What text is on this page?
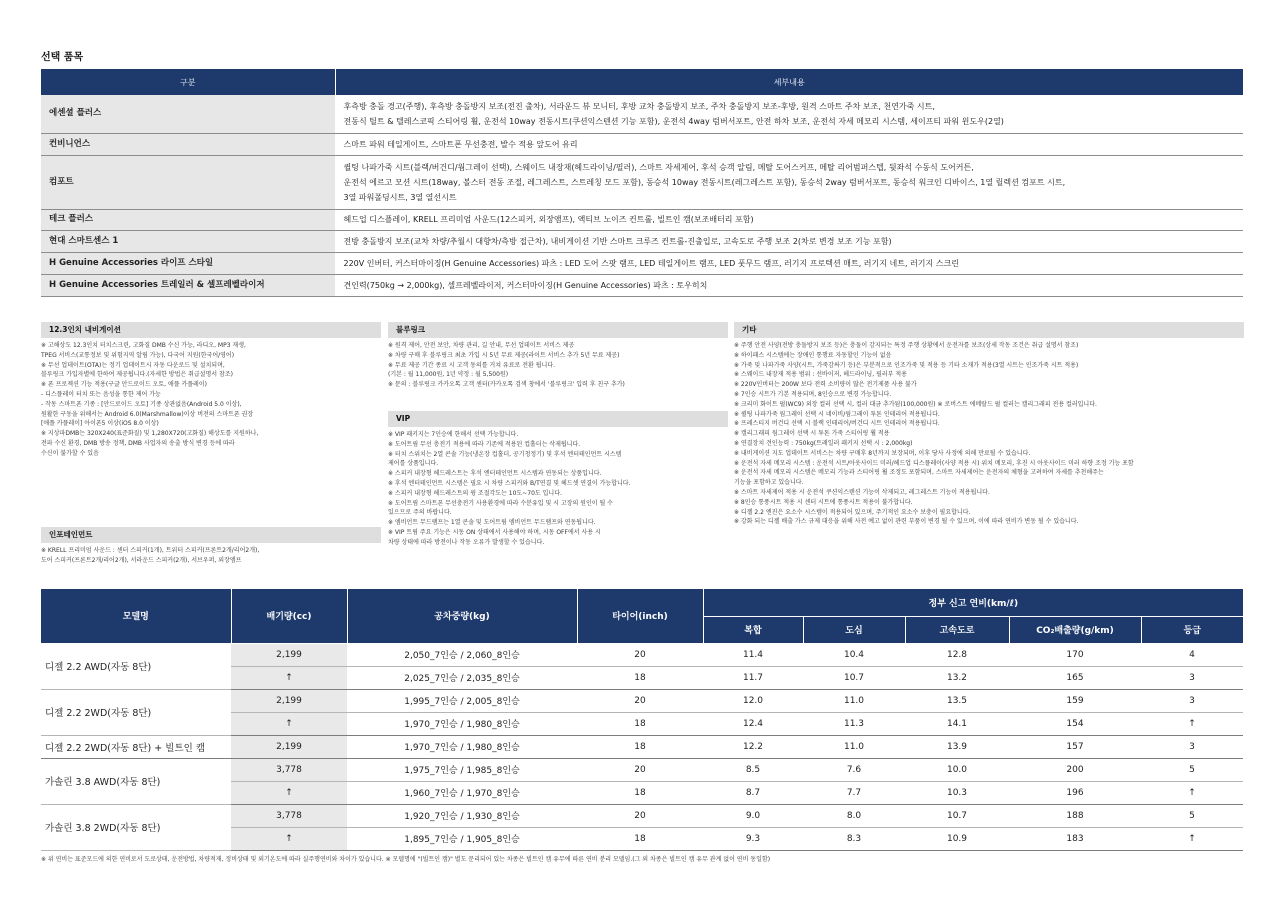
선택 품목
구분	세부내용
에센셜 플러스	후측방 충돌 경고(주행), 후측방 충돌방지 보조(전진 출차), 서라운드 뷰 모니터, 후방 교차 충돌방지 보조, 주차 충돌방지 보조-후방, 원격 스마트 주차 보조, 천연가죽 시트,
전동식 틸트 & 텔레스코픽 스티어링 휠, 운전석 10way 전동시트(쿠션익스텐션 기능 포함), 운전석 4way 럼버서포트, 안전 하차 보조, 운전석 자세 메모리 시스템, 세이프티 파워 윈도우(2열)
컨비니언스	스마트 파워 테일게이트, 스마트폰 무선충전, 발수 적용 앞도어 유리
컴포트	퀼팅 나파가죽 시트(블랙/버건디/웜그레이 선택), 스웨이드 내장재(헤드라이닝/필러), 스마트 자세제어, 후석 승객 알림, 메탈 도어스커프, 메탈 리어범퍼스텝, 뒷좌석 수동식 도어커튼,
운전석 에르고 모션 시트(18way, 볼스터 전동 조절, 레그레스트, 스트레칭 모드 포함), 동승석 10way 전동시트(레그레스트 포함), 동승석 2way 럼버서포트, 동승석 워크인 디바이스, 1열 릴렉션 컴포트 시트,
3열 파워폴딩시트, 3열 열선시트
테크 플러스	헤드업 디스플레이, KRELL 프리미엄 사운드(12스피커, 외장앰프), 액티브 노이즈 컨트롤, 빌트인 캠(보조배터리 포함)
현대 스마트센스 1	전방 충돌방지 보조(교차 차량/추월시 대향차/측방 접근차), 내비게이션 기반 스마트 크루즈 컨트롤-진출입로, 고속도로 주행 보조 2(차로 변경 보조 기능 포함)
H Genuine Accessories 라이프 스타일	220V 인버터, 커스터마이징(H Genuine Accessories) 파츠 : LED 도어 스팟 램프, LED 테일게이트 램프, LED 풋무드 램프, 러기지 프로텍션 매트, 러기지 네트, 러기지 스크린
H Genuine Accessories 트레일러 & 셀프레벨라이저	견인력(750kg → 2,000kg), 셀프레벨라이저, 커스터마이징(H Genuine Accessories) 파츠 : 토우히치
12.3인치 내비게이션
※ 고해상도 12.3인치 터치스크린, 고화질 DMB 수신 가능, 라디오, MP3 재생,
TPEG 서비스(교통정보 및 위험지역 알림 가능), 다국어 지원(한국어/영어)
※ 무선 업데이트(OTA)는 정기 업데이트시 자동 다운로드 및 설치되며,
블루링크 가입자별에 한하여 제공됩니다.(자세한 방법은 취급설명서 참조)
※ 폰 프로젝션 기능 적용(구글 안드로이드 오토, 애플 카플레이)
- 디스플레이 터치 또는 음성을 통한 제어 가능
- 작동 스마트폰 기종 : [안드로이드 오토] 기종 상관없음(Android 5.0 이상),
원활한 구동을 위해서는 Android 6.0(Marshmallow)이상 버전의 스마트폰 권장
[애플 카플레이] 아이폰5 이상(iOS 8.0 이상)
※ 지상파DMB는 320X240(표준화질) 및 1,280X720(고화질) 해상도를 지원하나,
전파 수신 환경, DMB 방송 정책, DMB 사업자의 송출 방식 변경 등에 따라
수신이 불가할 수 있음
인포테인먼트
※ KRELL 프리미엄 사운드 : 센터 스피커(1개), 트위터 스피커(프론트2개/리어2개),
도어 스피커(프론트2개/리어2개), 서라운드 스피커(2개), 서브우퍼, 외장앰프
블루링크
※ 원격 제어, 안전 보안, 차량 관리, 길 안내, 무선 업데이트 서비스 제공
※ 차량 구매 후 블루링크 최초 가입 시 5년 무료 제공(라이트 서비스 추가 5년 무료 제공)
※ 무료 제공 기간 종료 시 고객 동의를 거쳐 유료로 전환 됩니다.
(기본 : 월 11,000원, 1년 약정 : 월 5,500원)
※ 문의 : 블루링크 카카오톡 고객 센터(카카오톡 검색 창에서 '블루링크' 입력 후 친구 추가)
VIP
※ VIP 패키지는 7인승에 한해서 선택 가능합니다.
※ 도어트림 무선 충전기 적용에 따라 기존에 적용된 컵홀더는 삭제됩니다.
※ 터치 스위치는 2열 콘솔 기능(냉온장 컵홀더, 공기청정기) 및 후석 엔터테인먼트 시스템
제어를 상품입니다.
※ 스피커 내장형 헤드레스트는 후석 엔터테인먼트 시스템과 연동되는 상품입니다.
※ 후석 엔터테인먼트 시스템은 필요 시 차량 스피커와 B/T연결 및 헤드셋 연결이 가능합니다.
※ 스피커 내장형 헤드레스트의 윙 조절각도는 10도~70도 입니다.
※ 도어트림 스마트폰 무선충전기 사용환경에 따라 수분유입 및 시 고장의 원인이 될 수
있으므로 주의 바랍니다.
※ 엠비언트 무드램프는 1열 콘솔 및 도어트림 엠비언트 무드램프와 연동됩니다.
※ VIP 트림 주요 기능은 시동 ON 상태에서 사용해야 하며, 시동 OFF에서 사용 시
차량 상태에 따라 방전이나 작동 오류가 발생할 수 있습니다.
기타
※ 주행 안전 사양(전방 충돌방지 보조 등)은 충돌이 감지되는 특정 주행 상황에서 운전자를 보조(상세 작동 조건은 취급 설명서 참조)
※ 하이패스 시스템에는 장애인 통행료 자동할인 기능이 없음
※ 가죽 및 나파가죽 사양(시트, 가죽감싸기 등)은 부분적으로 인조가죽 및 적용 등 기타 소재가 적용(3열 시트는 인조가죽 시트 적용)
※ 스웨이드 내장재 적용 범위 : 선바이저, 헤드라이닝, 필러부 적용
※ 220V인버터는 200W 보다 전력 소비량이 많은 전기제품 사용 불가
※ 7인승 시트가 기본 적용되며, 8인승으로 변경 가능합니다.
※ 크리미 화이트 펄(WC9) 외장 컬러 선택 시, 컬러 대금 추가됨(100,000원) ※ 로버스트 에메랄드 펄 컬러는 캘리그래피 전용 컬러입니다.
※ 퀼팅 나파가죽 웜그레이 선택 시 네이비/웜그레이 투톤 인테리어 적용됩니다.
※ 프레스티지 버건디 선택 시 블랙 인테리어/버건디 시트 인테리어 적용됩니다.
※ 캘리그래피 웜그레이 선택 시 투톤 가죽 스티어링 휠 적용
※ 연결장치 견인능력 : 750kg(트레일러 패키지 선택 시 : 2,000kg)
※ 내비게이션 지도 업데이트 서비스는 차량 구매후 8년까지 보장되며, 이후 당사 사정에 의해 만료될 수 있습니다.
※ 운전석 자세 메모리 시스템 : 운전석 시트/아웃사이드 미러/헤드업 디스플레이(사양 적용 시) 위치 메모리, 후진 시 아웃사이드 미러 하향 조정 기능 포함
※ 운전석 자세 메모리 시스템은 메모리 기능과 스티어링 휠 조정도 포함되며, 스마트 자세제어는 운전자의 체형을 고려하여 자세를 추천해주는
기능을 포함하고 있습니다.
※ 스마트 자세제어 적용 시 운전석 쿠션익스텐션 기능이 삭제되고, 레그레스트 기능이 적용됩니다.
※ 8인승 통풍시트 적용 시 센터 시트에 통풍시트 적용이 불가합니다.
※ 디젤 2.2 엔진은 요소수 시스템이 적용되어 있으며, 주기적인 요소수 보충이 필요합니다.
※ 강화 되는 디젤 배출 가스 규제 대응을 위해 사전 예고 없이 관련 부품이 변경 될 수 있으며, 이에 따라 연비가 변동 될 수 있습니다.
모델명	배기량(cc)	공차중량(kg)	타이어(inch)	정부 신고 연비(km/ℓ)				
				복합	도심	고속도로	CO₂배출량(g/km)	등급
디젤 2.2 AWD(자동 8단)	2,199	2,050_7인승 / 2,060_8인승	20	11.4	10.4	12.8	170	4
	↑	2,025_7인승 / 2,035_8인승	18	11.7	10.7	13.2	165	3
디젤 2.2 2WD(자동 8단)	2,199	1,995_7인승 / 2,005_8인승	20	12.0	11.0	13.5	159	3
	↑	1,970_7인승 / 1,980_8인승	18	12.4	11.3	14.1	154	↑
디젤 2.2 2WD(자동 8단) + 빌트인 캠	2,199	1,970_7인승 / 1,980_8인승	18	12.2	11.0	13.9	157	3
가솔린 3.8 AWD(자동 8단)	3,778	1,975_7인승 / 1,985_8인승	20	8.5	7.6	10.0	200	5
	↑	1,960_7인승 / 1,970_8인승	18	8.7	7.7	10.3	196	↑
가솔린 3.8 2WD(자동 8단)	3,778	1,920_7인승 / 1,930_8인승	20	9.0	8.0	10.7	188	5
	↑	1,895_7인승 / 1,905_8인승	18	9.3	8.3	10.9	183	↑
※ 위 연비는 표준모드에 의한 연비로서 도로상태, 운전방법, 차량적재, 정비상태 및 외기온도에 따라 실주행연비와 차이가 있습니다. ※ 모델명에 "(빌트인 캠)" 별도 문리되어 있는 차종은 빌트인 캠 유무에 따른 연비 분리 모델임.(그 외 차종은 빌트인 캠 유무 관계 없이 연비 동일함)
